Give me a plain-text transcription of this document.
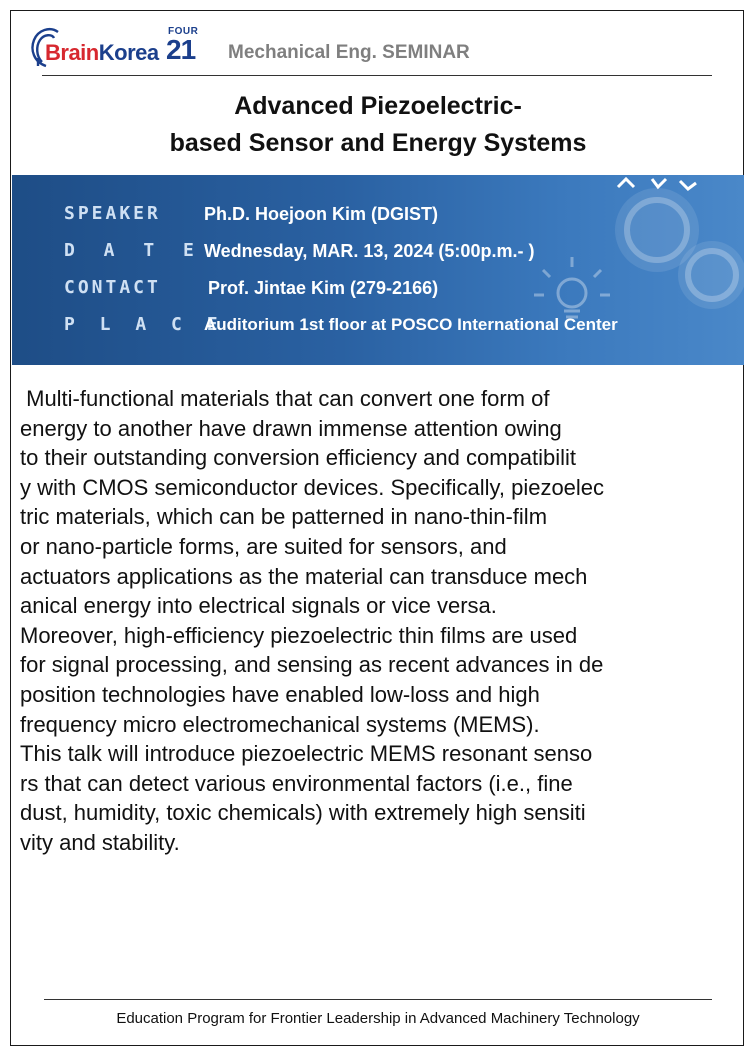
FOUR
BrainKorea 21 Mechanical Eng. SEMINAR
Advanced Piezoelectric-
based Sensor and Energy Systems
SPEAKER Ph.D. Hoejoon Kim (DGIST)
D A T E Wednesday, MAR. 13, 2024 (5:00p.m.- )
CONTACT	Prof. Jintae Kim (279-2166)
P L A C E
Auditorium 1st floor at POSCO International Center
Multi-functional materials that can convert one form of
energy to another have drawn immense attention owing
to their outstanding conversion efficiency and compatibilit
y with CMOS semiconductor devices. Specifically, piezoelec
tric materials, which can be patterned in nano-thin-film
or nano-particle forms, are suited for sensors, and
actuators applications as the material can transduce mech
anical energy into electrical signals or vice versa.
Moreover, high-efficiency piezoelectric thin films are used
for signal processing, and sensing as recent advances in de
position technologies have enabled low-loss and high
frequency micro electromechanical systems (MEMS).
This talk will introduce piezoelectric MEMS resonant senso
rs that can detect various environmental factors (i.e., fine
dust, humidity, toxic chemicals) with extremely high sensiti
vity and stability.
Education Program for Frontier Leadership in Advanced Machinery Technology
